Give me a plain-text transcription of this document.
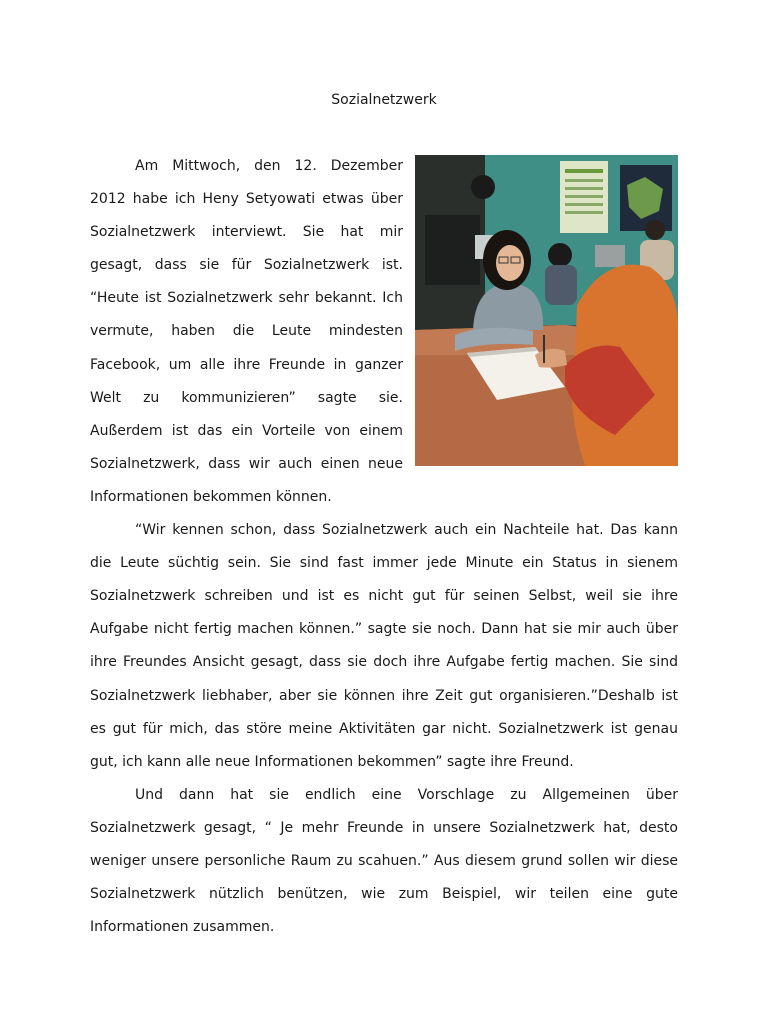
Sozialnetzwerk

Am Mittwoch, den 12. Dezember 2012 habe ich Heny Setyowati etwas über Sozialnetzwerk interviewt. Sie hat mir gesagt, dass sie für Sozialnetzwerk ist. “Heute ist Sozialnetzwerk sehr bekannt. Ich vermute, haben die Leute mindesten Facebook, um alle ihre Freunde in ganzer Welt zu kommunizieren” sagte sie. Außerdem ist das ein Vorteile von einem Sozialnetzwerk, dass wir auch einen neue Informationen bekommen können.

“Wir kennen schon, dass Sozialnetzwerk auch ein Nachteile hat. Das kann die Leute süchtig sein. Sie sind fast immer jede Minute ein Status in sienem Sozialnetzwerk schreiben und ist es nicht gut für seinen Selbst, weil sie ihre Aufgabe nicht fertig machen können.” sagte sie noch. Dann hat sie mir auch über ihre Freundes Ansicht gesagt, dass sie doch ihre Aufgabe fertig machen. Sie sind Sozialnetzwerk liebhaber, aber sie können ihre Zeit gut organisieren.”Deshalb ist es gut für mich, das störe meine Aktivitäten gar nicht. Sozialnetzwerk ist genau gut, ich kann alle neue Informationen bekommen” sagte ihre Freund.

Und dann hat sie endlich eine Vorschlage zu Allgemeinen über Sozialnetzwerk gesagt, “ Je mehr Freunde in unsere Sozialnetzwerk hat, desto weniger unsere personliche Raum zu scahuen.” Aus diesem grund sollen wir diese Sozialnetzwerk nützlich benützen, wie zum Beispiel, wir teilen eine gute Informationen zusammen.
